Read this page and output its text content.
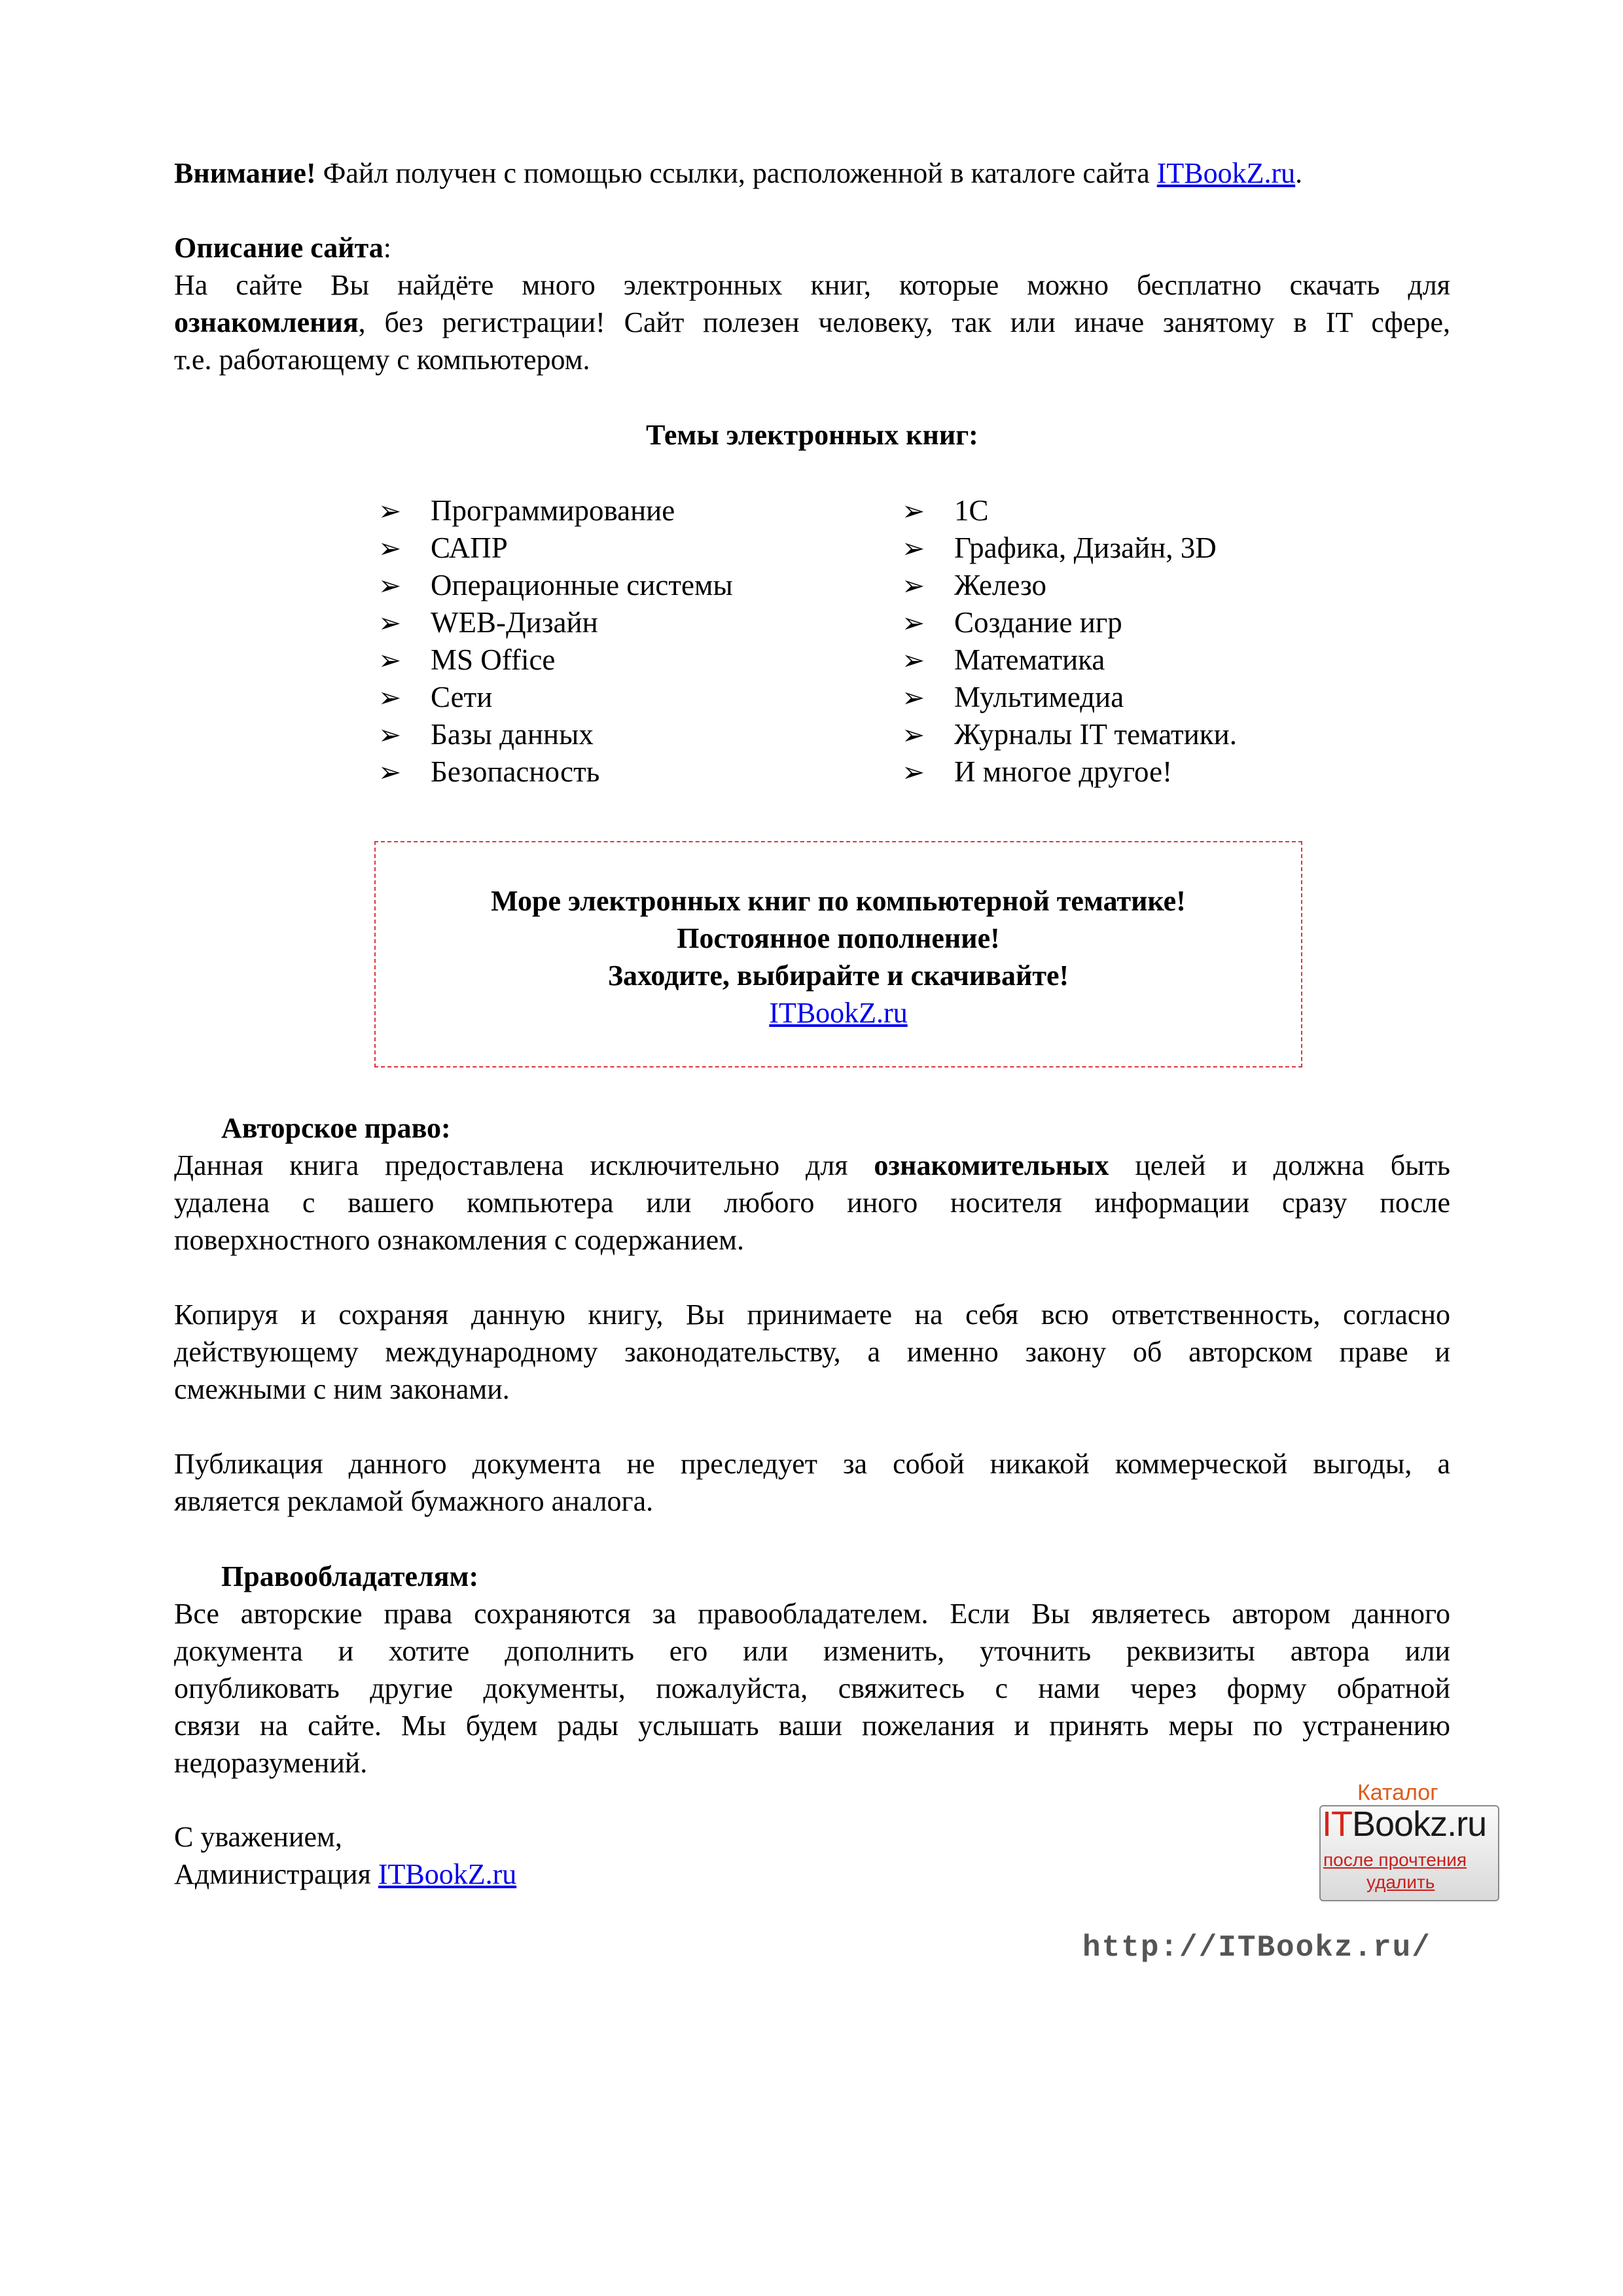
Внимание! Файл получен с помощью ссылки, расположенной в каталоге сайта ITBookZ.ru.
Описание сайта:
На сайте Вы найдёте много электронных книг, которые можно бесплатно скачать для
ознакомления, без регистрации! Сайт полезен человеку, так или иначе занятому в IT сфере,
т.е. работающему с компьютером.
Темы электронных книг:
➢ Программирование
➢ САПР
➢ Операционные системы
➢ WEB-Дизайн
➢ MS Office
➢ Сети
➢ Базы данных
➢ Безопасность
➢ 1С
➢ Графика, Дизайн, 3D
➢ Железо
➢ Создание игр
➢ Математика
➢ Мультимедиа
➢ Журналы IT тематики.
➢ И многое другое!
Море электронных книг по компьютерной тематике!
Постоянное пополнение!
Заходите, выбирайте и скачивайте!
ITBookZ.ru
Авторское право:
Данная книга предоставлена исключительно для ознакомительных целей и должна быть
удалена с вашего компьютера или любого иного носителя информации сразу после
поверхностного ознакомления с содержанием.
Копируя и сохраняя данную книгу, Вы принимаете на себя всю ответственность, согласно
действующему международному законодательству, а именно закону об авторском праве и
смежными с ним законами.
Публикация данного документа не преследует за собой никакой коммерческой выгоды, а
является рекламой бумажного аналога.
Правообладателям:
Все авторские права сохраняются за правообладателем. Если Вы являетесь автором данного
документа и хотите дополнить его или изменить, уточнить реквизиты автора или
опубликовать другие документы, пожалуйста, свяжитесь с нами через форму обратной
связи на сайте. Мы будем рады услышать ваши пожелания и принять меры по устранению
недоразумений.
С уважением,
Администрация ITBookZ.ru
Каталог
ITBookz.ru
после прочтения
удалить
http://ITBookz.ru/
